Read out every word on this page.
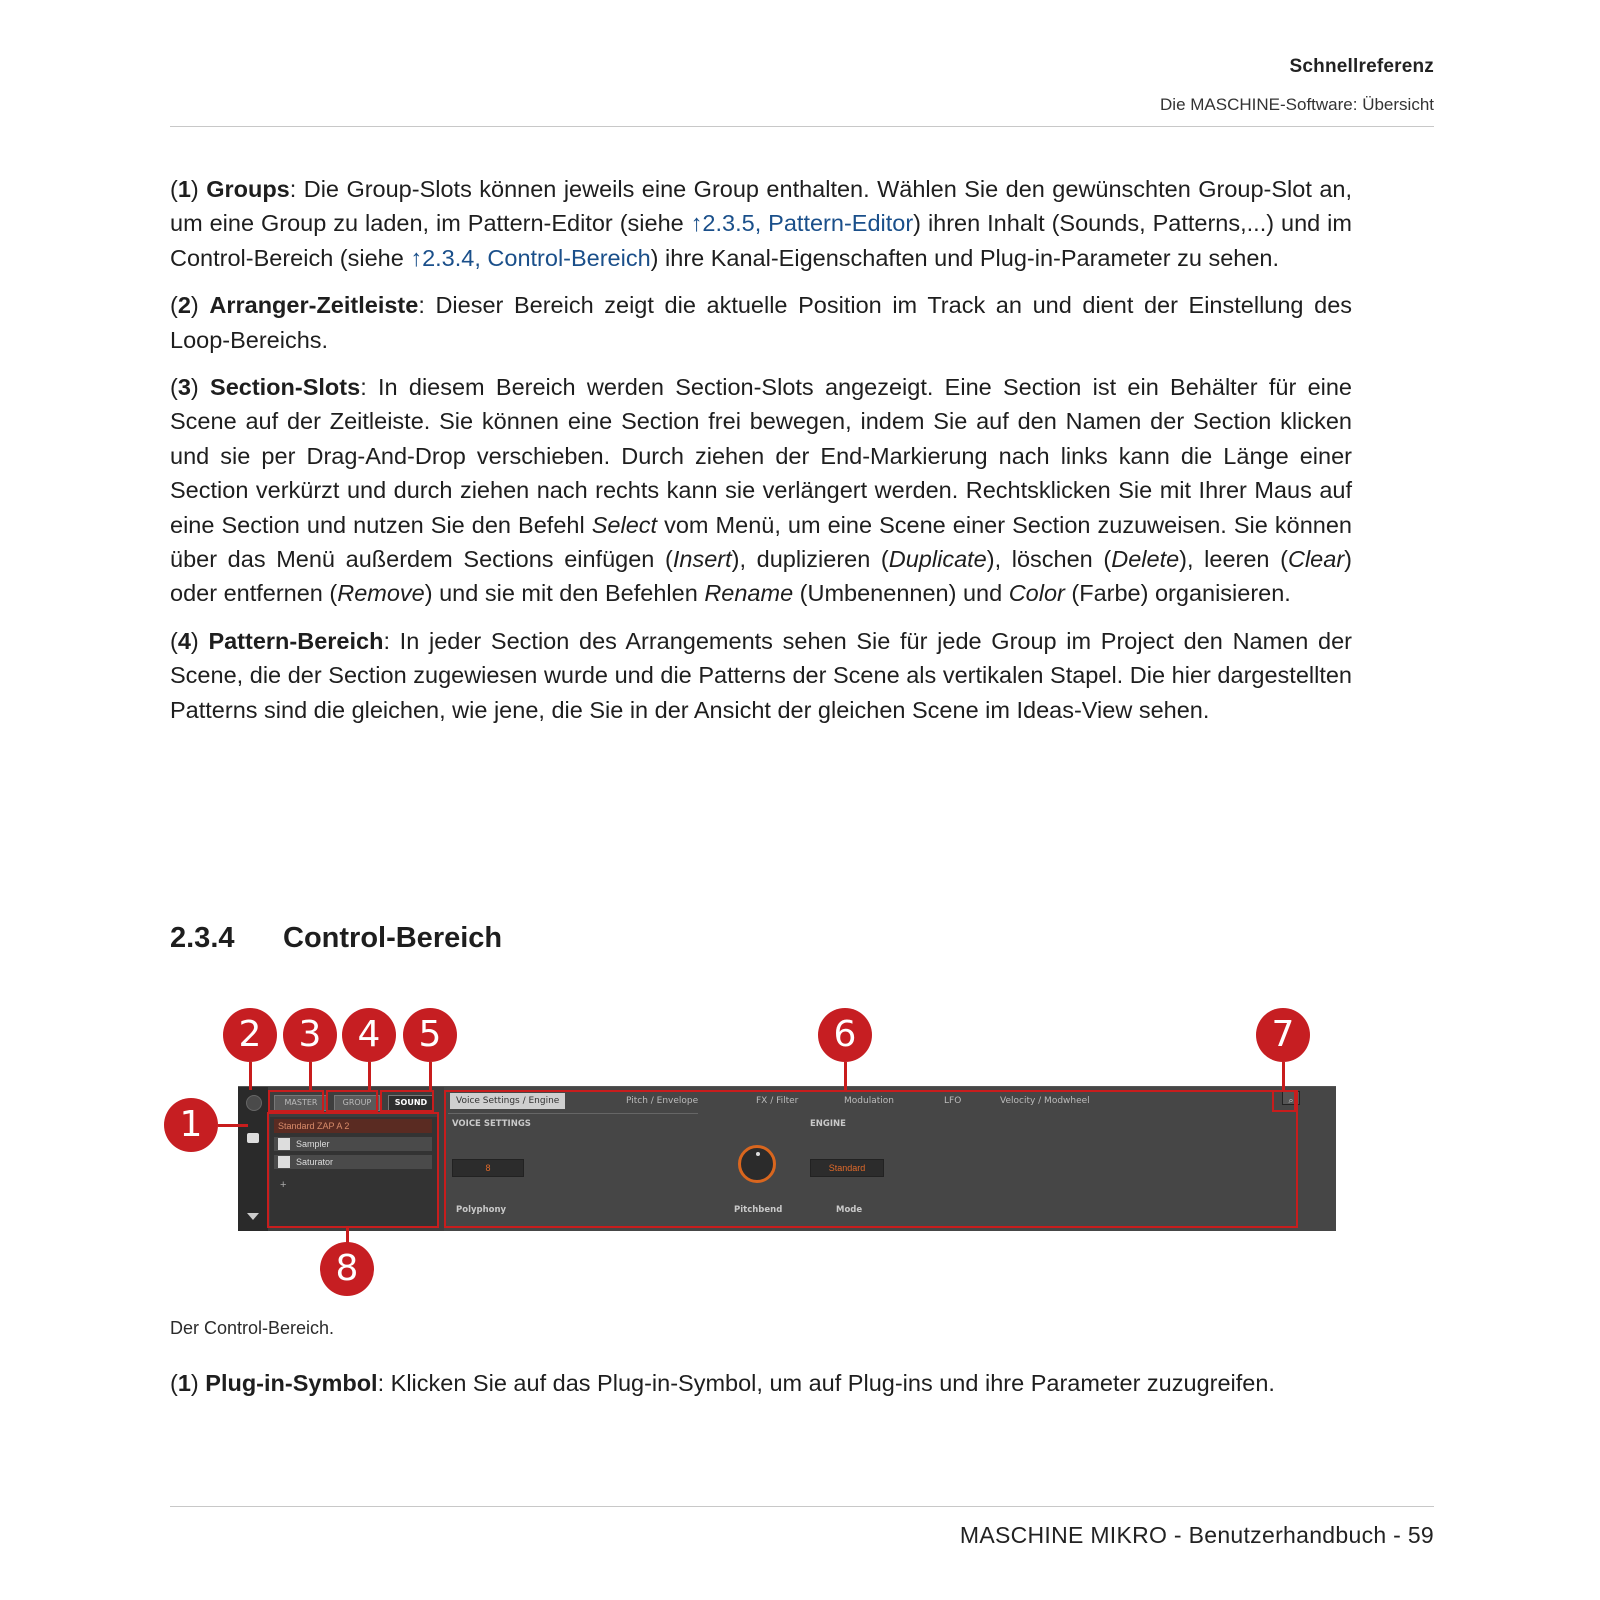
Schnellreferenz
Die MASCHINE-Software: Übersicht

(1) Groups: Die Group-Slots können jeweils eine Group enthalten. Wählen Sie den gewünschten Group-Slot an, um eine Group zu laden, im Pattern-Editor (siehe ↑2.3.5, Pattern-Editor) ihren Inhalt (Sounds, Patterns,...) und im Control-Bereich (siehe ↑2.3.4, Control-Bereich) ihre Kanal-Eigenschaften und Plug-in-Parameter zu sehen.

(2) Arranger-Zeitleiste: Dieser Bereich zeigt die aktuelle Position im Track an und dient der Einstellung des Loop-Bereichs.

(3) Section-Slots: In diesem Bereich werden Section-Slots angezeigt. Eine Section ist ein Behälter für eine Scene auf der Zeitleiste. Sie können eine Section frei bewegen, indem Sie auf den Namen der Section klicken und sie per Drag-And-Drop verschieben. Durch ziehen der End-Markierung nach links kann die Länge einer Section verkürzt und durch ziehen nach rechts kann sie verlängert werden. Rechtsklicken Sie mit Ihrer Maus auf eine Section und nutzen Sie den Befehl Select vom Menü, um eine Scene einer Section zuzuweisen. Sie können über das Menü außerdem Sections einfügen (Insert), duplizieren (Duplicate), löschen (Delete), leeren (Clear) oder entfernen (Remove) und sie mit den Befehlen Rename (Umbenennen) und Color (Farbe) organisieren.

(4) Pattern-Bereich: In jeder Section des Arrangements sehen Sie für jede Group im Project den Namen der Scene, die der Section zugewiesen wurde und die Patterns der Scene als vertikalen Stapel. Die hier dargestellten Patterns sind die gleichen, wie jene, die Sie in der Ansicht der gleichen Scene im Ideas-View sehen.

2.3.4 Control-Bereich
MASTER	GROUP	SOUND
Standard ZAP A 2
Sampler
Saturator
+
Voice Settings / Engine	Pitch / Envelope	FX / Filter	Modulation	LFO	Velocity / Modwheel
VOICE SETTINGS	ENGINE
8	Standard
Polyphony	Pitchbend	Mode
⌕
1
2	3	4	5	6	7
8
Der Control-Bereich.

(1) Plug-in-Symbol: Klicken Sie auf das Plug-in-Symbol, um auf Plug-ins und ihre Parameter zuzugreifen.

MASCHINE MIKRO - Benutzerhandbuch - 59
